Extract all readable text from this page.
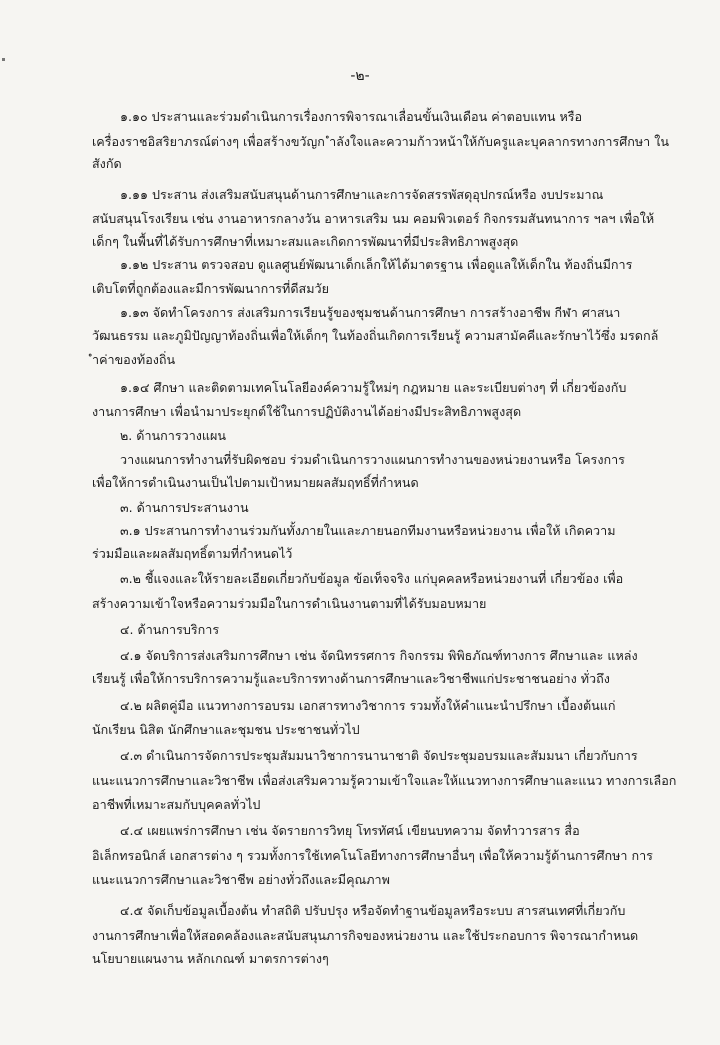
-๒-
๑.๑๐ ประสานและร่วมดำเนินการเรื่องการพิจารณาเลื่อนขั้นเงินเดือน ค่าตอบแทน หรือ
เครื่องราชอิสริยาภรณ์ต่างๆ เพื่อสร้างขวัญก ำลังใจและความก้าวหน้าให้กับครูและบุคลากรทางการศึกษา ใน
สังกัด
๑.๑๑ ประสาน ส่งเสริมสนับสนุนด้านการศึกษาและการจัดสรรพัสดุอุปกรณ์หรือ งบประมาณ
สนับสนุนโรงเรียน เช่น งานอาหารกลางวัน อาหารเสริม นม คอมพิวเตอร์ กิจกรรมสันทนาการ ฯลฯ เพื่อให้
เด็กๆ ในพื้นที่ได้รับการศึกษาที่เหมาะสมและเกิดการพัฒนาที่มีประสิทธิภาพสูงสุด
๑.๑๒ ประสาน ตรวจสอบ ดูแลศูนย์พัฒนาเด็กเล็กให้ได้มาตรฐาน เพื่อดูแลให้เด็กใน ท้องถิ่นมีการ
เติบโตที่ถูกต้องและมีการพัฒนาการที่ดีสมวัย
๑.๑๓ จัดทำโครงการ ส่งเสริมการเรียนรู้ของชุมชนด้านการศึกษา การสร้างอาชีพ กีฬา ศาสนา
วัฒนธรรม และภูมิปัญญาท้องถิ่นเพื่อให้เด็กๆ ในท้องถิ่นเกิดการเรียนรู้ ความสามัคคีและรักษาไว้ซึ่ง มรดกล้
ำค่าของท้องถิ่น
๑.๑๔ ศึกษา และติดตามเทคโนโลยีองค์ความรู้ใหม่ๆ กฎหมาย และระเบียบต่างๆ ที่ เกี่ยวข้องกับ
งานการศึกษา เพื่อนำมาประยุกต์ใช้ในการปฏิบัติงานได้อย่างมีประสิทธิภาพสูงสุด
๒. ด้านการวางแผน
วางแผนการทำงานที่รับผิดชอบ ร่วมดำเนินการวางแผนการทำงานของหน่วยงานหรือ โครงการ
เพื่อให้การดำเนินงานเป็นไปตามเป้าหมายผลสัมฤทธิ์ที่กำหนด
๓. ด้านการประสานงาน
๓.๑ ประสานการทำงานร่วมกันทั้งภายในและภายนอกทีมงานหรือหน่วยงาน เพื่อให้ เกิดความ
ร่วมมือและผลสัมฤทธิ์ตามที่กำหนดไว้
๓.๒ ชี้แจงและให้รายละเอียดเกี่ยวกับข้อมูล ข้อเท็จจริง แก่บุคคลหรือหน่วยงานที่ เกี่ยวข้อง เพื่อ
สร้างความเข้าใจหรือความร่วมมือในการดำเนินงานตามที่ได้รับมอบหมาย
๔. ด้านการบริการ
๔.๑ จัดบริการส่งเสริมการศึกษา เช่น จัดนิทรรศการ กิจกรรม พิพิธภัณฑ์ทางการ ศึกษาและ แหล่ง
เรียนรู้ เพื่อให้การบริการความรู้และบริการทางด้านการศึกษาและวิชาชีพแก่ประชาชนอย่าง ทั่วถึง
๔.๒ ผลิตคู่มือ แนวทางการอบรม เอกสารทางวิชาการ รวมทั้งให้คำแนะนำปรึกษา เบื้องต้นแก่
นักเรียน นิสิต นักศึกษาและชุมชน ประชาชนทั่วไป
๔.๓ ดำเนินการจัดการประชุมสัมมนาวิชาการนานาชาติ จัดประชุมอบรมและสัมมนา เกี่ยวกับการ
แนะแนวการศึกษาและวิชาชีพ เพื่อส่งเสริมความรู้ความเข้าใจและให้แนวทางการศึกษาและแนว ทางการเลือก
อาชีพที่เหมาะสมกับบุคคลทั่วไป
๔.๔ เผยแพร่การศึกษา เช่น จัดรายการวิทยุ โทรทัศน์ เขียนบทความ จัดทำวารสาร สื่อ
อิเล็กทรอนิกส์ เอกสารต่าง ๆ รวมทั้งการใช้เทคโนโลยีทางการศึกษาอื่นๆ เพื่อให้ความรู้ด้านการศึกษา การ
แนะแนวการศึกษาและวิชาชีพ อย่างทั่วถึงและมีคุณภาพ
๔.๕ จัดเก็บข้อมูลเบื้องต้น ทำสถิติ ปรับปรุง หรือจัดทำฐานข้อมูลหรือระบบ สารสนเทศที่เกี่ยวกับ
งานการศึกษาเพื่อให้สอดคล้องและสนับสนุนภารกิจของหน่วยงาน และใช้ประกอบการ พิจารณากำหนด
นโยบายแผนงาน หลักเกณฑ์ มาตรการต่างๆ
